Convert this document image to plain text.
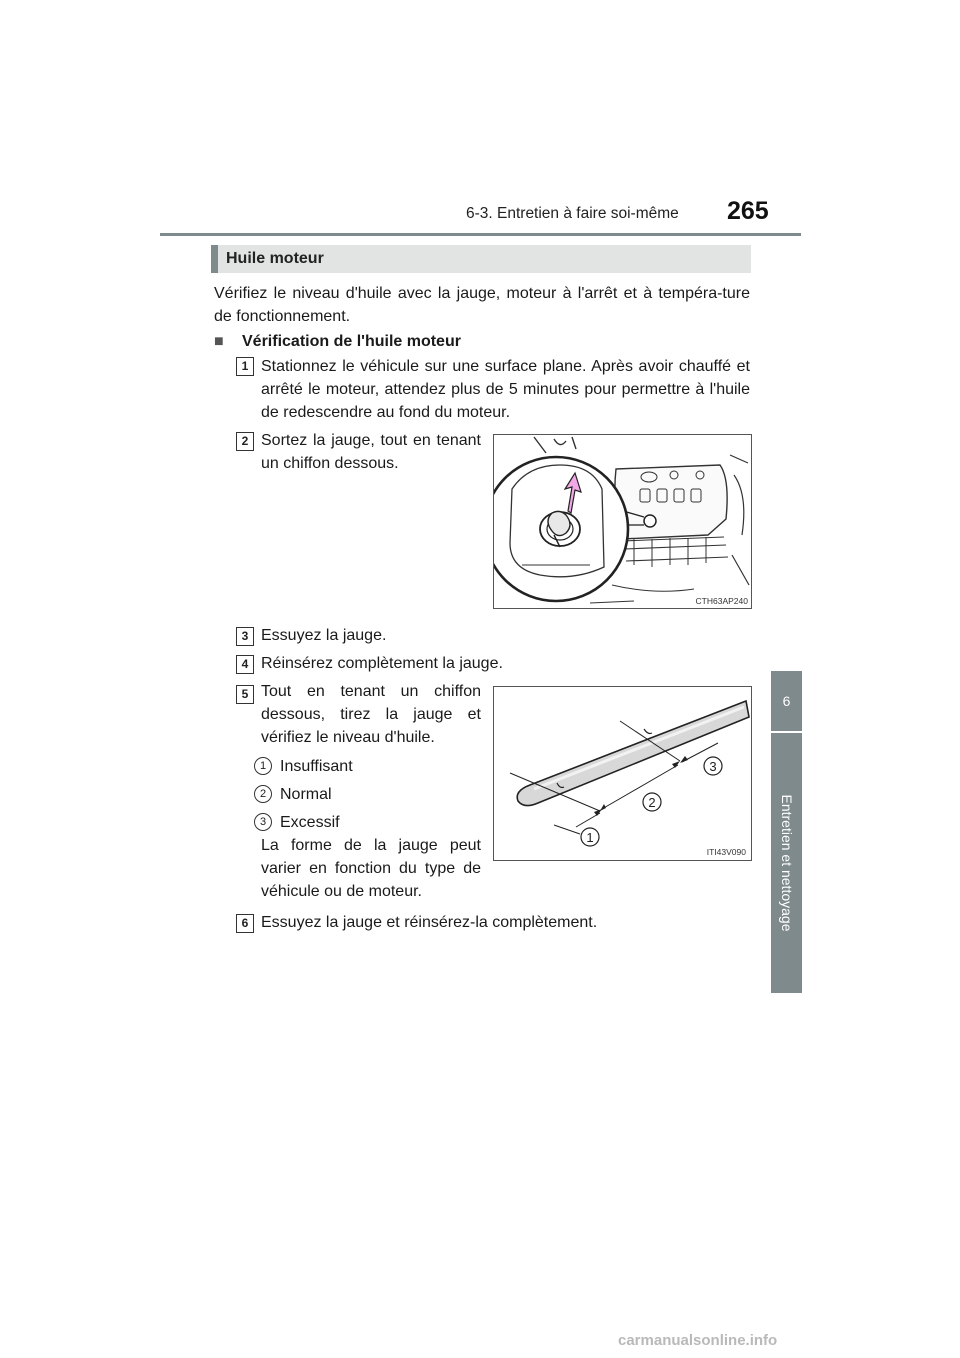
6-3. Entretien à faire soi-même 265
6
Entretien et nettoyage
Huile moteur
Vérifiez le niveau d'huile avec la jauge, moteur à l'arrêt et à tempéra-ture de fonctionnement.
■	Vérification de l'huile moteur
1 Stationnez le véhicule sur une surface plane. Après avoir chauffé et arrêté le moteur, attendez plus de 5 minutes pour permettre à l'huile de redescendre au fond du moteur.
2 Sortez la jauge, tout en tenant un chiffon dessous.
CTH63AP240
3 Essuyez la jauge.
4 Réinsérez complètement la jauge.
5 Tout en tenant un chiffon dessous, tirez la jauge et vérifiez le niveau d'huile.
1 Insuffisant
2 Normal
3 Excessif
La forme de la jauge peut varier en fonction du type de véhicule ou de moteur.
1
2
3
ITI43V090
6 Essuyez la jauge et réinsérez-la complètement.
carmanualsonline.info
